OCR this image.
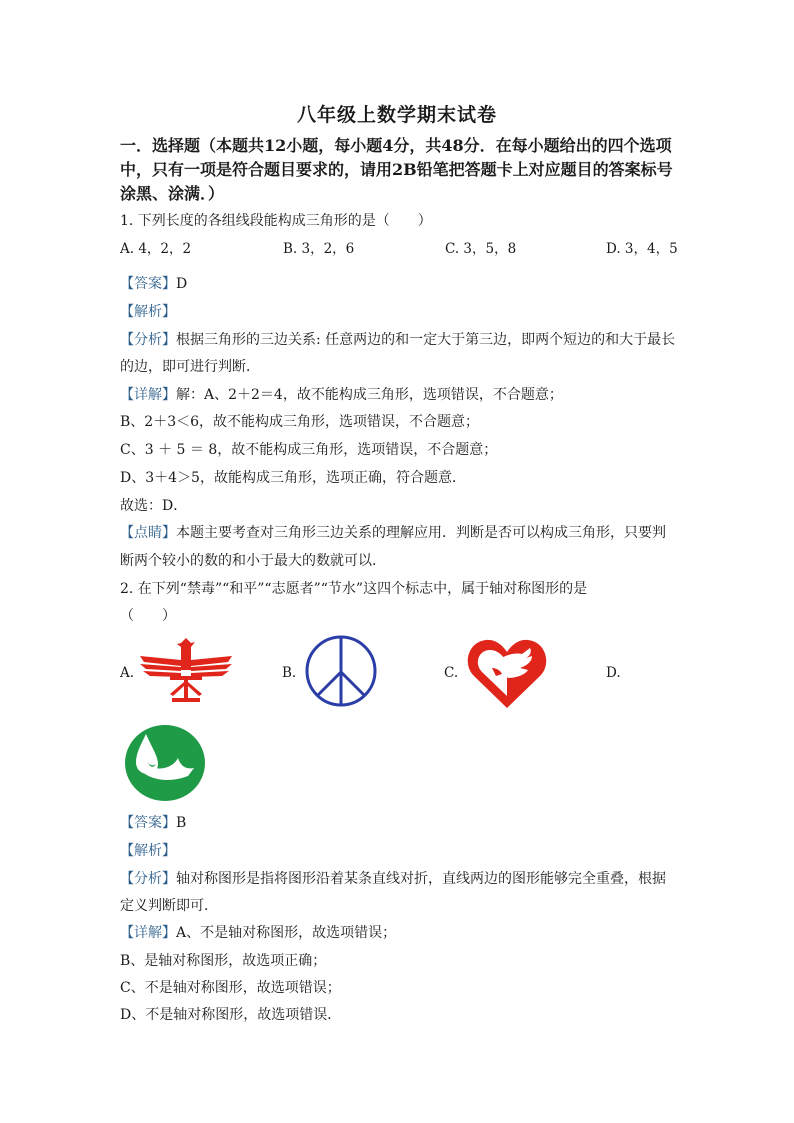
八年级上数学期末试卷
一．选择题（本题共12小题，每小题4分，共48分．在每小题给出的四个选项中，只有一项是符合题目要求的，请用2B铅笔把答题卡上对应题目的答案标号涂黑、涂满．）
1. 下列长度的各组线段能构成三角形的是（　　）
A. 4，2，2	B. 3，2，6	C. 3，5，8	D. 3，4，5
【答案】D
【解析】
【分析】根据三角形的三边关系: 任意两边的和一定大于第三边，即两个短边的和大于最长
的边，即可进行判断．
【详解】解：A、2＋2＝4，故不能构成三角形，选项错误，不合题意；
B、2＋3＜6，故不能构成三角形，选项错误，不合题意；
C、3 ＋ 5 ＝ 8，故不能构成三角形，选项错误，不合题意；
D、3＋4＞5，故能构成三角形，选项正确，符合题意．
故选：D．
【点睛】本题主要考查对三角形三边关系的理解应用．判断是否可以构成三角形，只要判
断两个较小的数的和小于最大的数就可以．
2. 在下列“禁毒”“和平”“志愿者”“节水”这四个标志中，属于轴对称图形的是
（　　）
A.	B.	C.	D.
【答案】B
【解析】
【分析】轴对称图形是指将图形沿着某条直线对折，直线两边的图形能够完全重叠，根据
定义判断即可．
【详解】A、不是轴对称图形，故选项错误；
B、是轴对称图形，故选项正确；
C、不是轴对称图形，故选项错误；
D、不是轴对称图形，故选项错误．
